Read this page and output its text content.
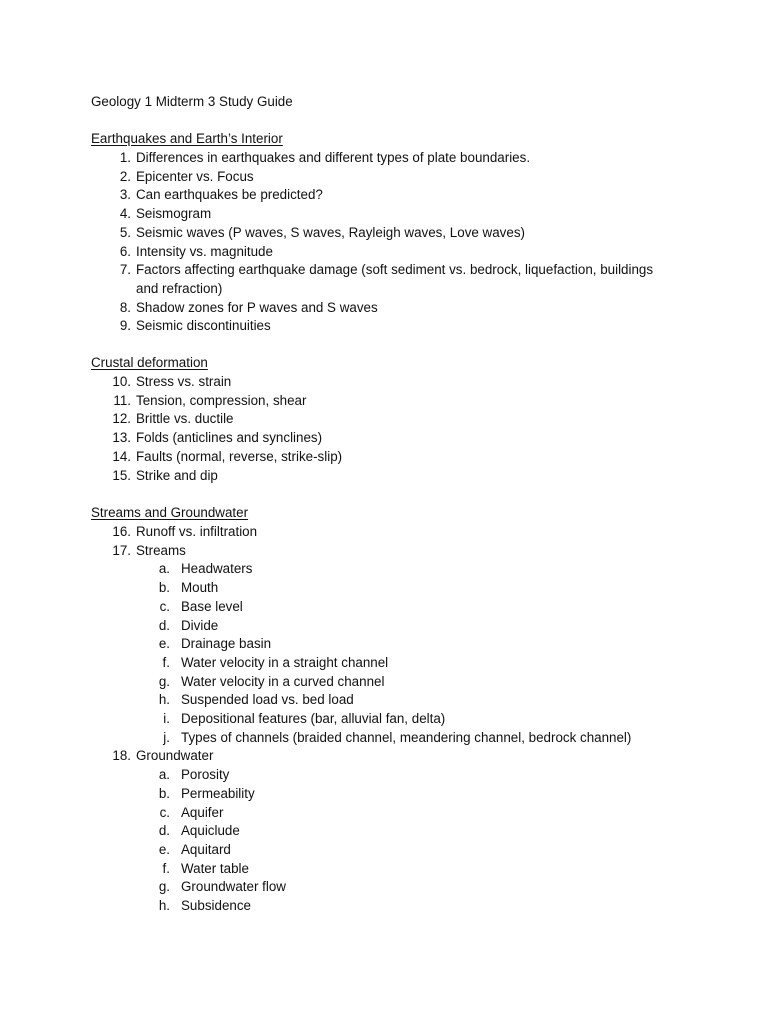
Geology 1 Midterm 3 Study Guide
Earthquakes and Earth’s Interior
1. Differences in earthquakes and different types of plate boundaries.
2. Epicenter vs. Focus
3. Can earthquakes be predicted?
4. Seismogram
5. Seismic waves (P waves, S waves, Rayleigh waves, Love waves)
6. Intensity vs. magnitude
7. Factors affecting earthquake damage (soft sediment vs. bedrock, liquefaction, buildings and refraction)
8. Shadow zones for P waves and S waves
9. Seismic discontinuities
Crustal deformation
10. Stress vs. strain
11. Tension, compression, shear
12. Brittle vs. ductile
13. Folds (anticlines and synclines)
14. Faults (normal, reverse, strike-slip)
15. Strike and dip
Streams and Groundwater
16. Runoff vs. infiltration
17. Streams
a. Headwaters
b. Mouth
c. Base level
d. Divide
e. Drainage basin
f. Water velocity in a straight channel
g. Water velocity in a curved channel
h. Suspended load vs. bed load
i. Depositional features (bar, alluvial fan, delta)
j. Types of channels (braided channel, meandering channel, bedrock channel)
18. Groundwater
a. Porosity
b. Permeability
c. Aquifer
d. Aquiclude
e. Aquitard
f. Water table
g. Groundwater flow
h. Subsidence
